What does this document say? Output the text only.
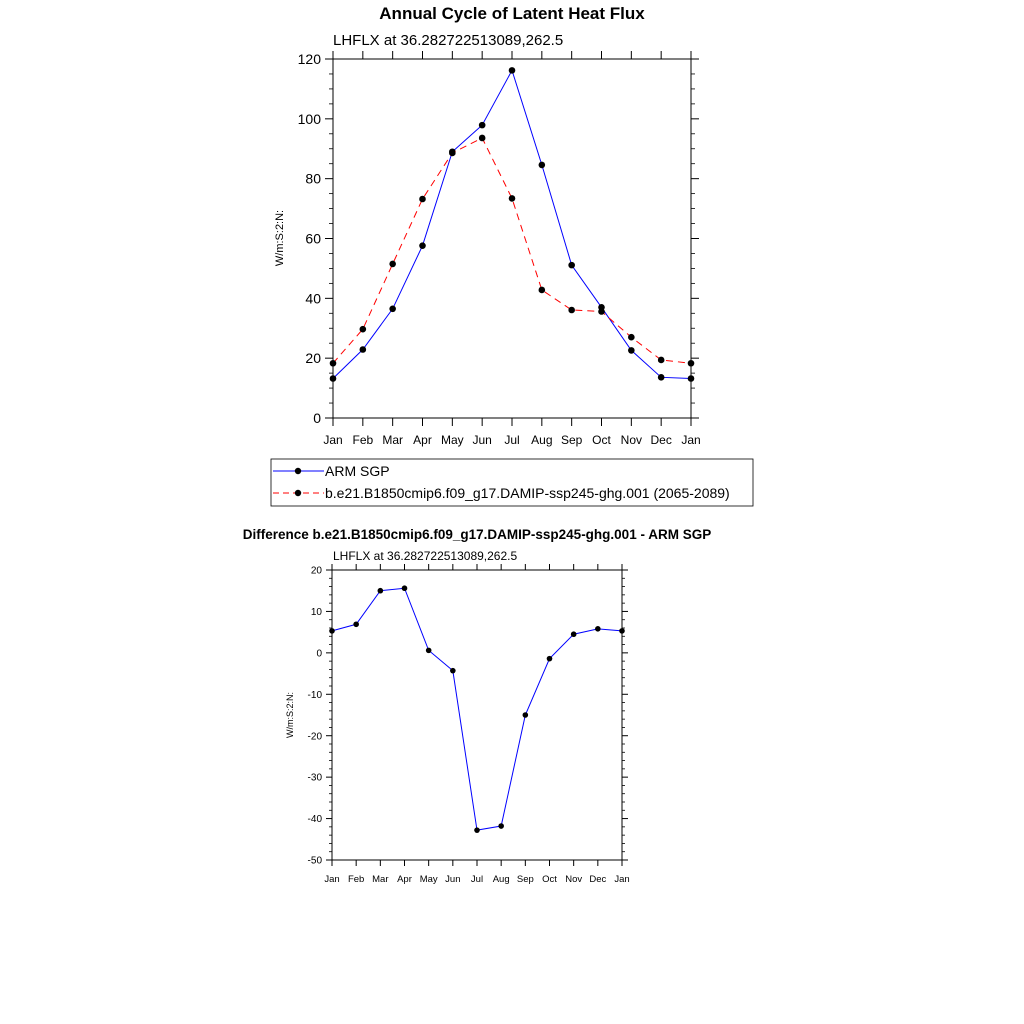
Annual Cycle of Latent Heat Flux
LHFLX at 36.282722513089,262.5
W/m:S:2:N:
0
20
40
60
80
100
120
Jan Feb Mar Apr May Jun Jul Aug Sep Oct Nov Dec Jan
ARM SGP
b.e21.B1850cmip6.f09_g17.DAMIP-ssp245-ghg.001 (2065-2089)
Difference b.e21.B1850cmip6.f09_g17.DAMIP-ssp245-ghg.001 - ARM SGP
LHFLX at 36.282722513089,262.5
W/m:S:2:N:
-50
-40
-30
-20
-10
0
10
20
Jan Feb Mar Apr May Jun Jul Aug Sep Oct Nov Dec Jan
